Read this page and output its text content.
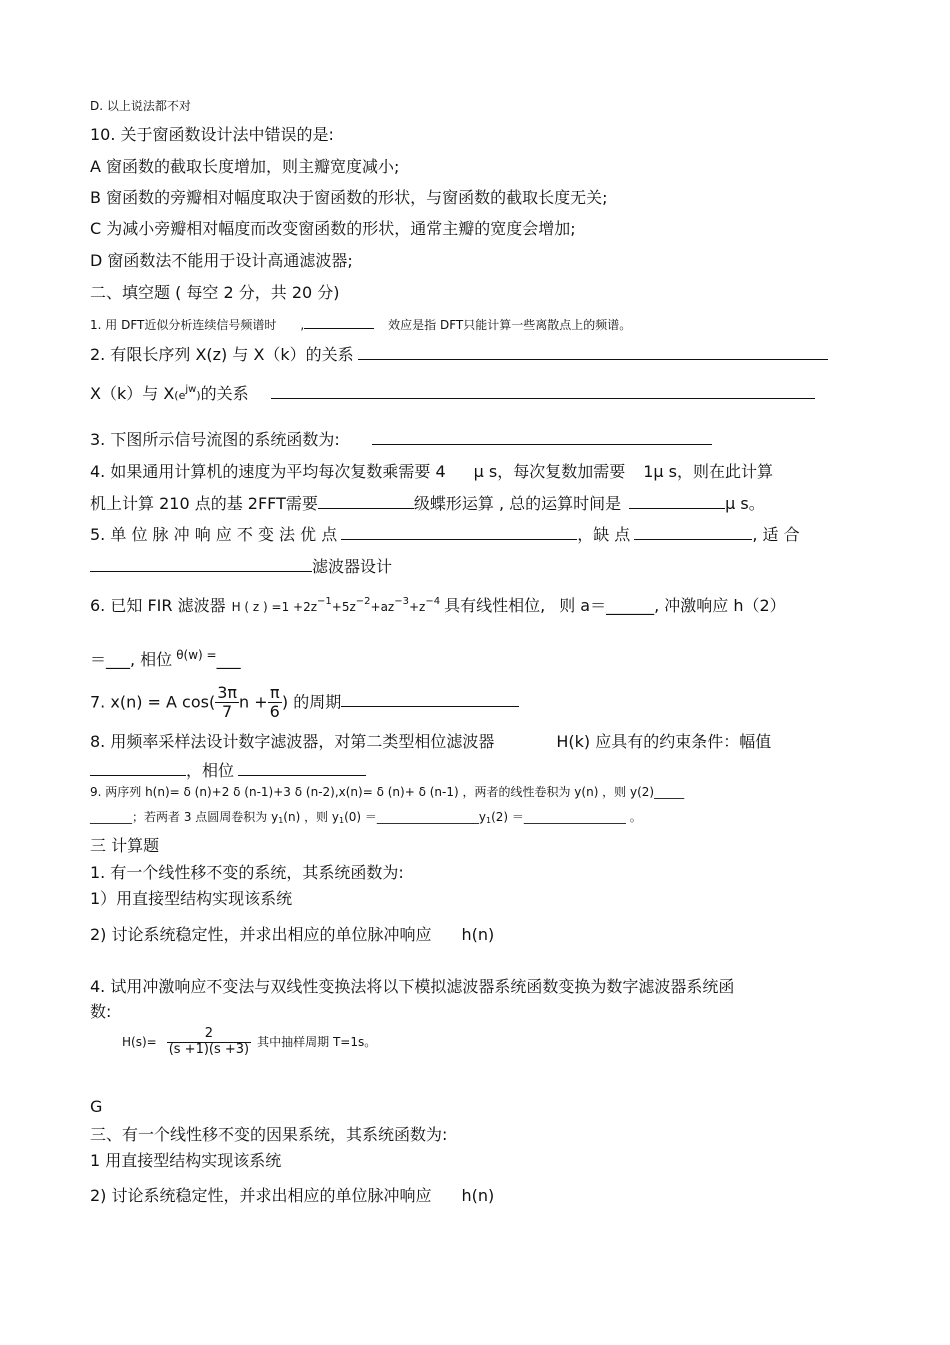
D. 以上说法都不对
10. 关于窗函数设计法中错误的是:
A 窗函数的截取长度增加，则主瓣宽度减小;
B 窗函数的旁瓣相对幅度取决于窗函数的形状，与窗函数的截取长度无关;
C 为减小旁瓣相对幅度而改变窗函数的形状，通常主瓣的宽度会增加;
D 窗函数法不能用于设计高通滤波器;
二、填空题 ( 每空 2 分，共 20 分)
1. 用 DFT近似分析连续信号频谱时 ,	效应是指 DFT只能计算一些离散点上的频谱。
2. 有限长序列 X(z) 与 X（k）的关系
X（k）与 $X(e^{jw})$的关系
3. 下图所示信号流图的系统函数为:
4. 如果通用计算机的速度为平均每次复数乘需要 4 μ s，每次复数加需要 1μ s，则在此计算
机上计算 210 点的基 2FFT需要	级蝶形运算 , 总的运算时间是	μ s。
5. 单 位 脉 冲 响 应 不 变 法 优 点	，缺 点	, 适 合
滤波器设计
6. 已知 FIR 滤波器 H ( z ) $=1 +2z^{-1}+5z^{-2}+az^{-3}+z^{-4}$ 具有线性相位, 则 a＝______, 冲激响应 h（2）
＝___, 相位 $^{\theta(w) =}$___
7. x(n) = A $\cos( \frac{3\pi}{7}$ $n + \frac{\pi}{6}$ ) 的周期
8. 用频率采样法设计数字滤波器，对第二类型相位滤波器	H(k) 应具有的约束条件：幅值
，相位
9. 两序列 h(n)= δ (n)+2 δ (n-1)+3 δ (n-2),x(n)= δ (n)+ δ (n-1) ，两者的线性卷积为 y(n) ，则 y(2)_____
_______；若两者 3 点圆周卷积为 $y_1(n)$ ，则 $y_1(0)$ $=\_\_\_\_\_\_\_\_\_\_\_\_\_\_\_\_\_y_1(2)$ ＝_________________ 。
三 计算题
1. 有一个线性移不变的系统，其系统函数为:
1）用直接型结构实现该系统
2) 讨论系统稳定性，并求出相应的单位脉冲响应 h(n)
4. 试用冲激响应不变法与双线性变换法将以下模拟滤波器系统函数变换为数字滤波器系统函
数:
$H(s)= \frac{2}{(s +1)(s +3)}$ 其中抽样周期 T=1s。
G
三、有一个线性移不变的因果系统，其系统函数为:
1 用直接型结构实现该系统
2) 讨论系统稳定性，并求出相应的单位脉冲响应 h(n)
